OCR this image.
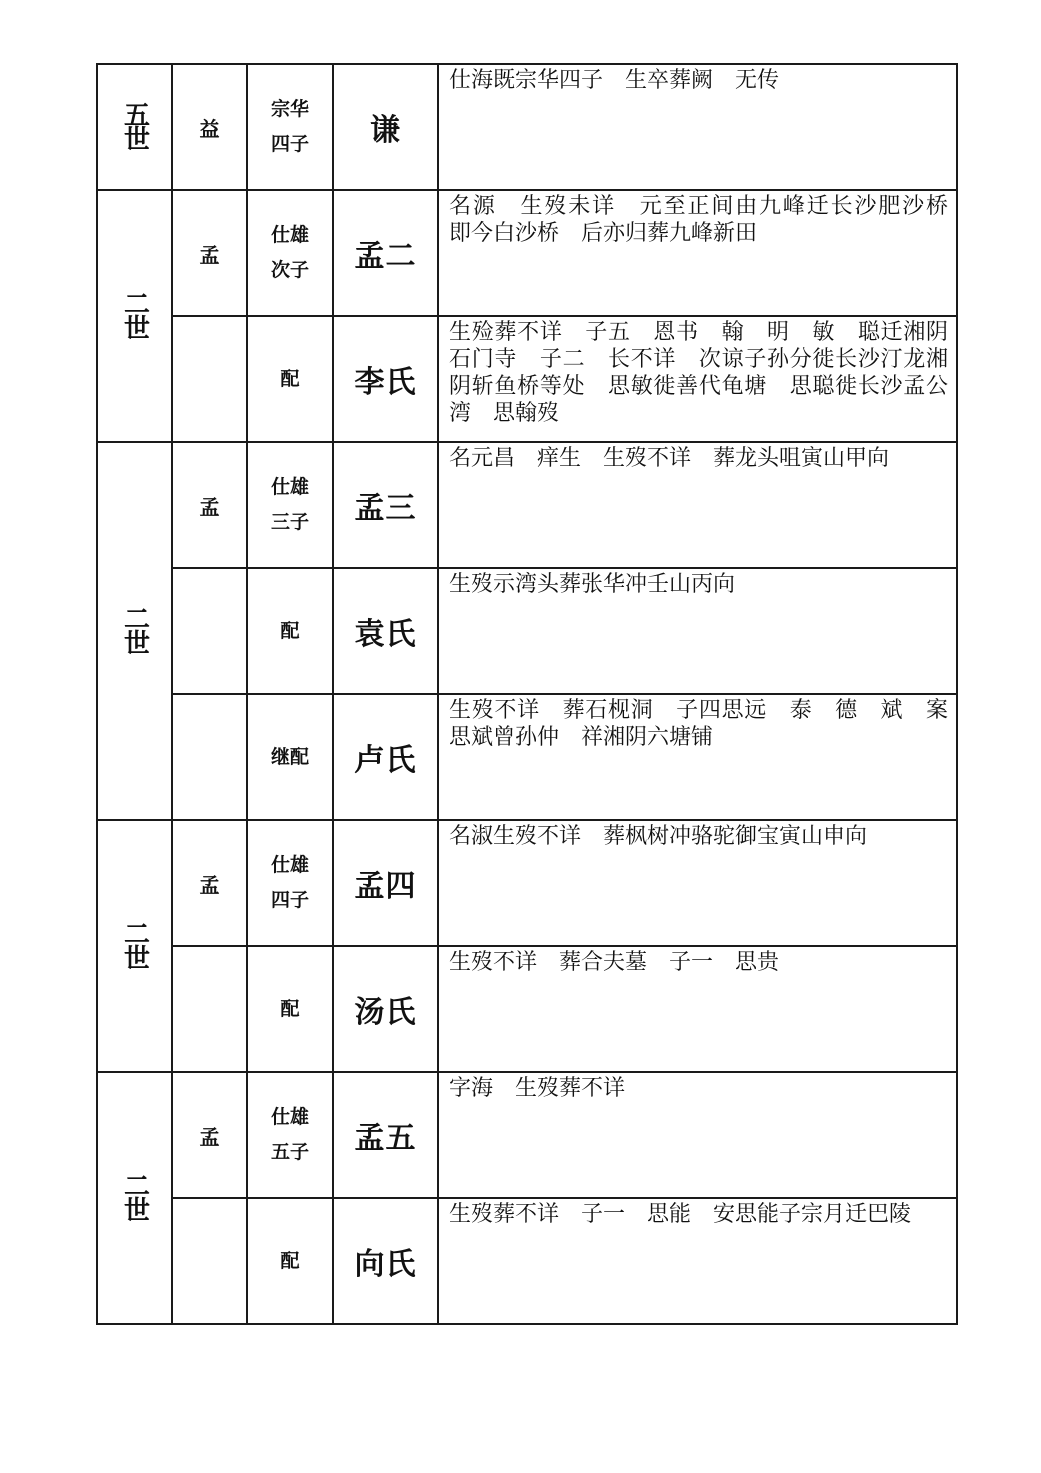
五世	益	宗华四子	谦	仕海既宗华四子　生卒葬阙　无传

二世	孟	仕雄次子	孟二	名源　生歿未详　元至正间由九峰迁长沙肥沙桥　即今白沙桥　后亦归葬九峰新田

		配	李氏	生殓葬不详　子五　恩书　翰　明　敏　聪迁湘阴石门寺　子二　长不详　次谅子孙分徙长沙汀龙湘阴斩鱼桥等处　思敏徙善代龟塘　思聪徙长沙孟公湾　思翰歿

二世	孟	仕雄三子	孟三	名元昌　痒生　生歿不详　葬龙头咀寅山甲向

		配	袁氏	生歿示湾头葬张华冲壬山丙向

		继配	卢氏	生歿不详　葬石枧洞　子四思远　泰　德　斌　案思斌曾孙仲　祥湘阴六塘铺

二世	孟	仕雄四子	孟四	名淑生歿不详　葬枫树冲骆驼御宝寅山申向

		配	汤氏	生歿不详　葬合夫墓　子一　思贵

二世	孟	仕雄五子	孟五	字海　生歿葬不详

		配	向氏	生歿葬不详　子一　思能　安思能子宗月迁巴陵
